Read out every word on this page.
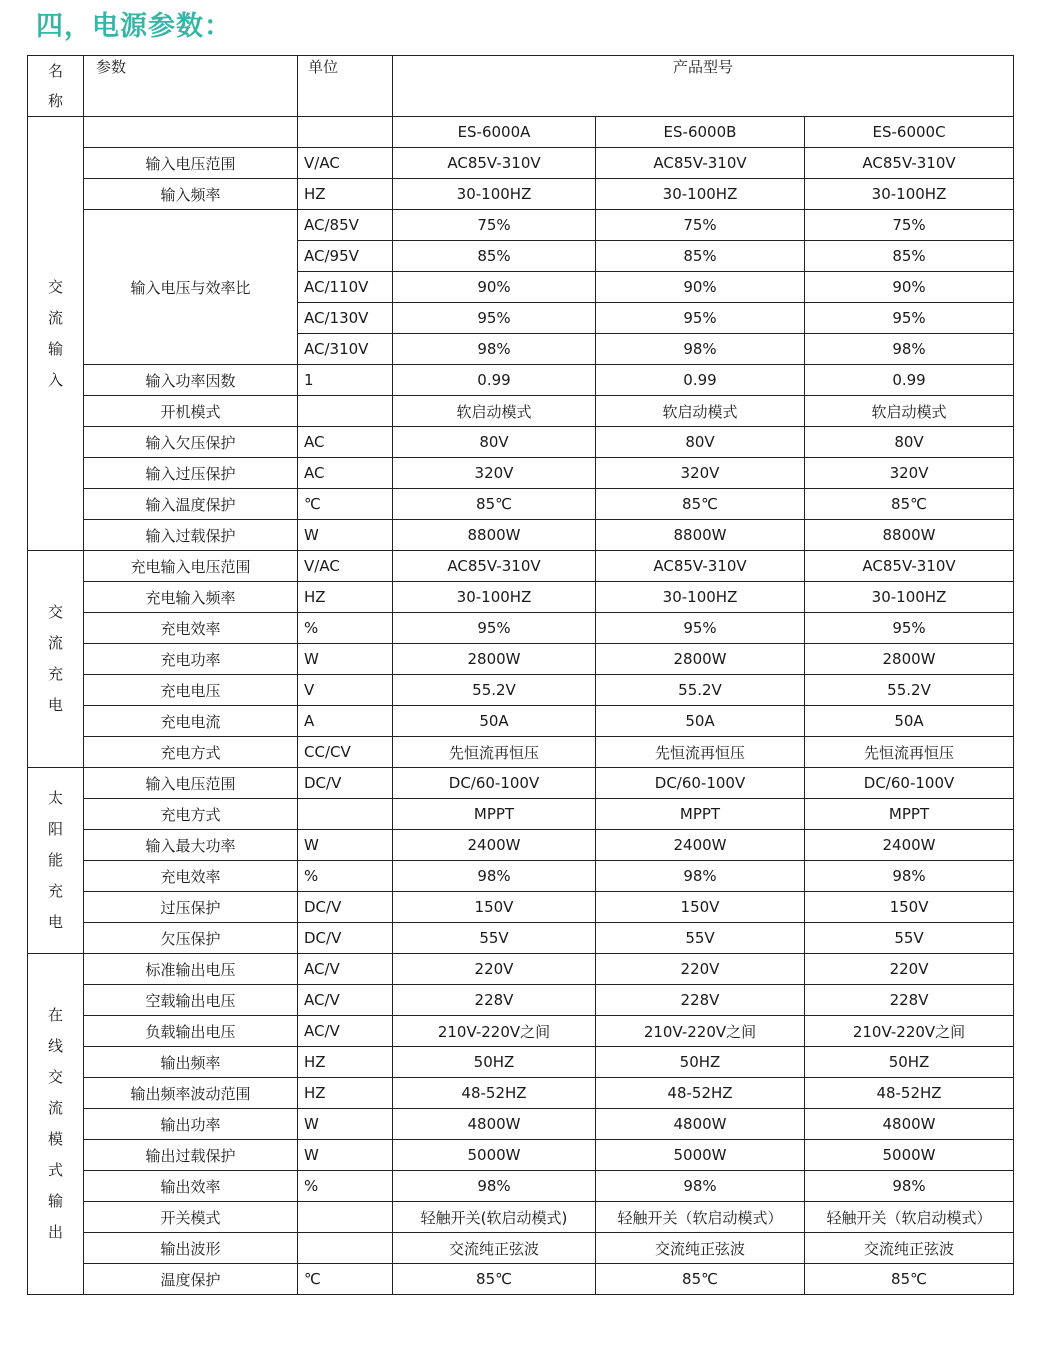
四，电源参数：
名称	参数	单位	产品型号		
交流输入			ES-6000A	ES-6000B	ES-6000C
	输入电压范围	V/AC	AC85V-310V	AC85V-310V	AC85V-310V
	输入频率	HZ	30-100HZ	30-100HZ	30-100HZ
	输入电压与效率比	AC/85V	75%	75%	75%
		AC/95V	85%	85%	85%
		AC/110V	90%	90%	90%
		AC/130V	95%	95%	95%
		AC/310V	98%	98%	98%
	输入功率因数	1	0.99	0.99	0.99
	开机模式		软启动模式	软启动模式	软启动模式
	输入欠压保护	AC	80V	80V	80V
	输入过压保护	AC	320V	320V	320V
	输入温度保护	℃	85℃	85℃	85℃
	输入过载保护	W	8800W	8800W	8800W
交流充电	充电输入电压范围	V/AC	AC85V-310V	AC85V-310V	AC85V-310V
	充电输入频率	HZ	30-100HZ	30-100HZ	30-100HZ
	充电效率	%	95%	95%	95%
	充电功率	W	2800W	2800W	2800W
	充电电压	V	55.2V	55.2V	55.2V
	充电电流	A	50A	50A	50A
	充电方式	CC/CV	先恒流再恒压	先恒流再恒压	先恒流再恒压
太阳能充电	输入电压范围	DC/V	DC/60-100V	DC/60-100V	DC/60-100V
	充电方式		MPPT	MPPT	MPPT
	输入最大功率	W	2400W	2400W	2400W
	充电效率	%	98%	98%	98%
	过压保护	DC/V	150V	150V	150V
	欠压保护	DC/V	55V	55V	55V
在线交流模式输出	标准输出电压	AC/V	220V	220V	220V
	空载输出电压	AC/V	228V	228V	228V
	负载输出电压	AC/V	210V-220V之间	210V-220V之间	210V-220V之间
	输出频率	HZ	50HZ	50HZ	50HZ
	输出频率波动范围	HZ	48-52HZ	48-52HZ	48-52HZ
	输出功率	W	4800W	4800W	4800W
	输出过载保护	W	5000W	5000W	5000W
	输出效率	%	98%	98%	98%
	开关模式		轻触开关(软启动模式)	轻触开关（软启动模式）	轻触开关（软启动模式）
	输出波形		交流纯正弦波	交流纯正弦波	交流纯正弦波
	温度保护	℃	85℃	85℃	85℃
